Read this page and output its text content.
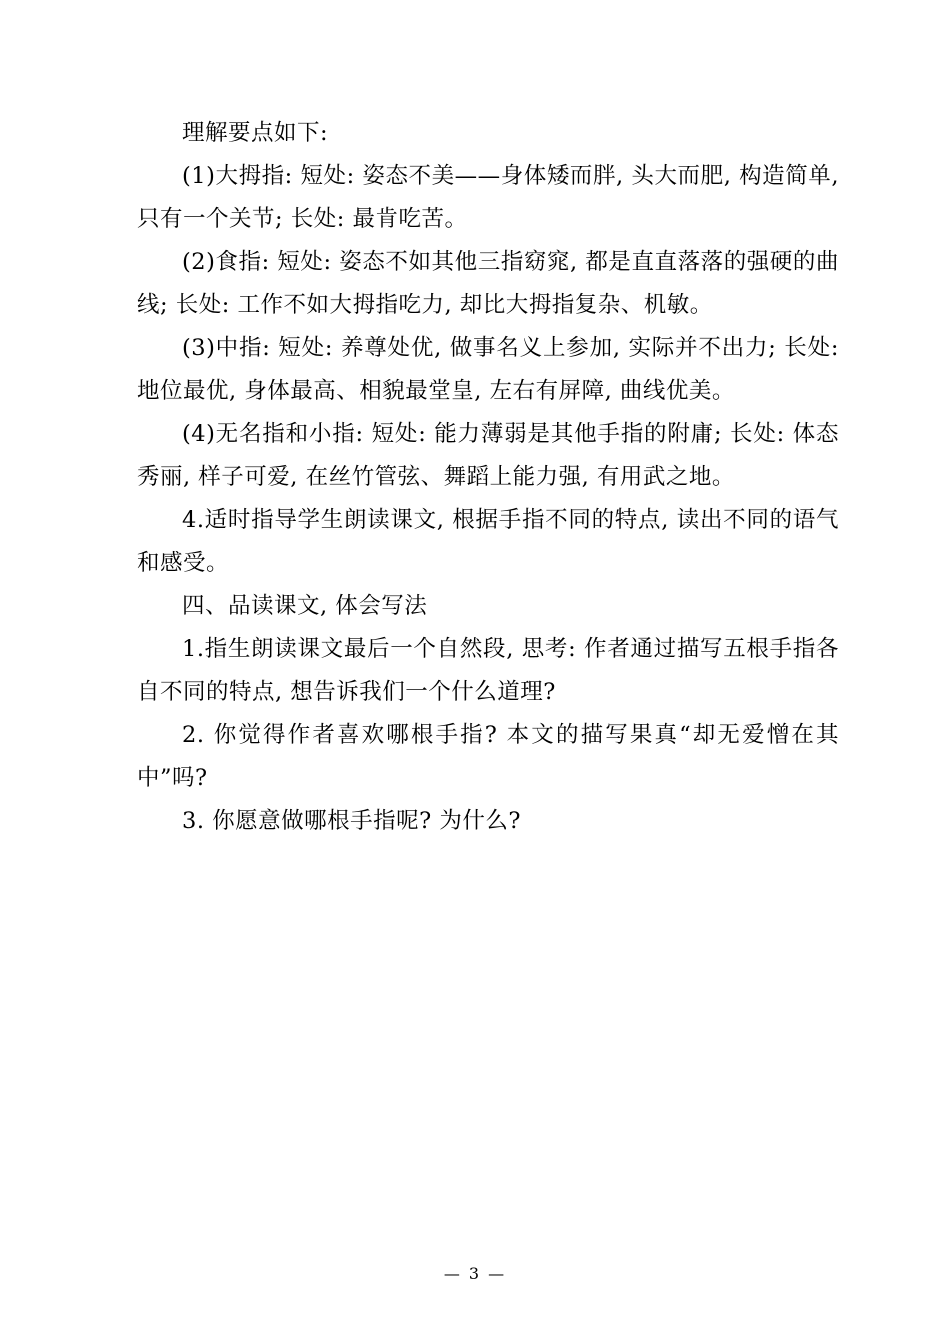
理解要点如下:

(1)大拇指: 短处: 姿态不美——身体矮而胖, 头大而肥, 构造简单, 只有一个关节; 长处: 最肯吃苦。

(2)食指: 短处: 姿态不如其他三指窈窕, 都是直直落落的强硬的曲线; 长处: 工作不如大拇指吃力, 却比大拇指复杂、机敏。

(3)中指: 短处: 养尊处优, 做事名义上参加, 实际并不出力; 长处: 地位最优, 身体最高、相貌最堂皇, 左右有屏障, 曲线优美。

(4)无名指和小指: 短处: 能力薄弱是其他手指的附庸; 长处: 体态秀丽, 样子可爱, 在丝竹管弦、舞蹈上能力强, 有用武之地。

4.适时指导学生朗读课文, 根据手指不同的特点, 读出不同的语气和感受。

四、品读课文, 体会写法

1.指生朗读课文最后一个自然段, 思考: 作者通过描写五根手指各自不同的特点, 想告诉我们一个什么道理?

2. 你觉得作者喜欢哪根手指? 本文的描写果真“却无爱憎在其中”吗?

3. 你愿意做哪根手指呢? 为什么?

— 3 —
